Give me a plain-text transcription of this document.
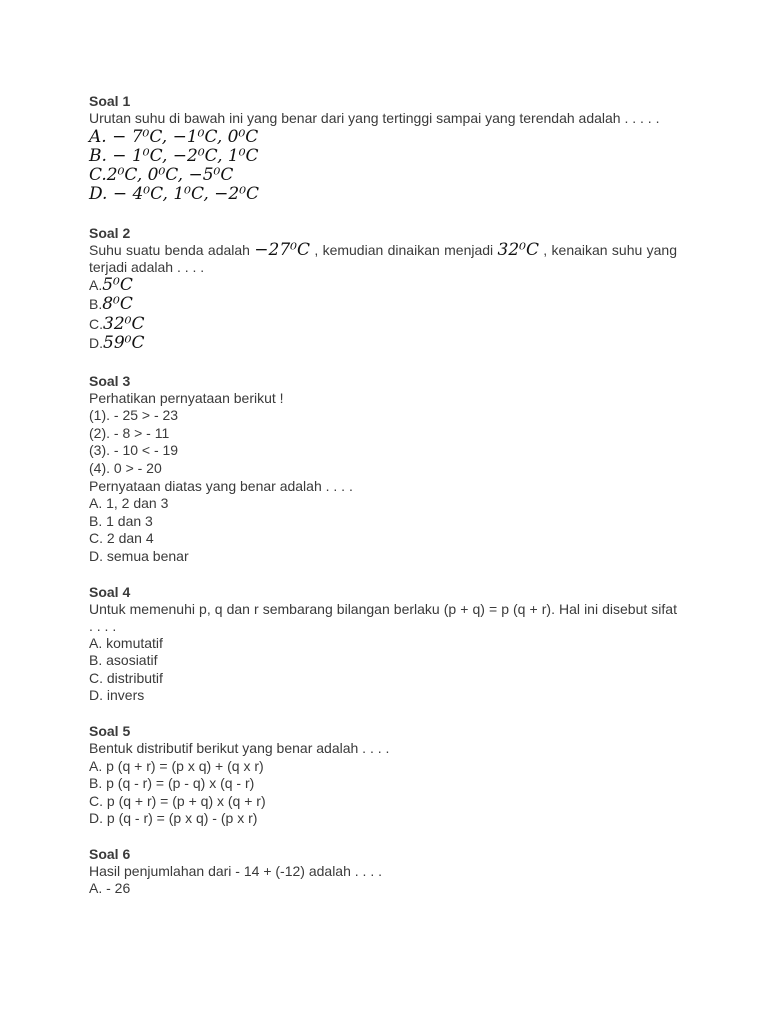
Soal 1

Urutan suhu di bawah ini yang benar dari yang tertinggi sampai yang terendah adalah . . . . .

A. − 7⁰C, −1⁰C, 0⁰C

B. − 1⁰C, −2⁰C, 1⁰C

C.2⁰C, 0⁰C, −5⁰C

D. − 4⁰C, 1⁰C, −2⁰C

Soal 2

Suhu suatu benda adalah −27⁰C , kemudian dinaikan menjadi 32⁰C , kenaikan suhu yang terjadi adalah . . . .

A.5⁰C

B.8⁰C

C.32⁰C

D.59⁰C

Soal 3

Perhatikan pernyataan berikut !

(1). - 25 > - 23

(2). - 8 > - 11

(3). - 10 < - 19

(4). 0 > - 20

Pernyataan diatas yang benar adalah . . . .

A. 1, 2 dan 3

B. 1 dan 3

C. 2 dan 4

D. semua benar

Soal 4

Untuk memenuhi p, q dan r sembarang bilangan berlaku (p + q) = p (q + r). Hal ini disebut sifat . . . .

A. komutatif

B. asosiatif

C. distributif

D. invers

Soal 5

Bentuk distributif berikut yang benar adalah . . . .

A. p (q + r) = (p x q) + (q x r)

B. p (q - r) = (p - q) x (q - r)

C. p (q + r) = (p + q) x (q + r)

D. p (q - r) = (p x q) - (p x r)

Soal 6

Hasil penjumlahan dari - 14 + (-12) adalah . . . .

A. - 26
